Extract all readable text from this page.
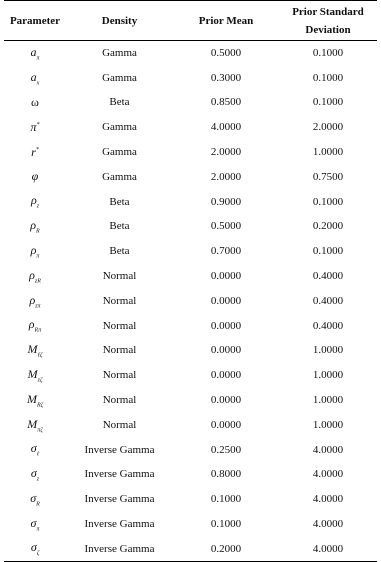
Parameter	Density	Prior Mean	Prior Standard
Deviation
$a_\pi$	Gamma	0.5000	0.1000
$a_x$	Gamma	0.3000	0.1000
ω	Beta	0.8500	0.1000
π*	Gamma	4.0000	2.0000
r*	Gamma	2.0000	1.0000
φ	Gamma	2.0000	0.7500
$\rho_z$	Beta	0.9000	0.1000
$\rho_R$	Beta	0.5000	0.2000
$\rho_\pi$	Beta	0.7000	0.1000
$\rho_{zR}$	Normal	0.0000	0.4000
$\rho_{z\pi}$	Normal	0.0000	0.4000
$\rho_{R\pi}$	Normal	0.0000	0.4000
$M_{\ell\zeta}$	Normal	0.0000	1.0000
$M_{z\zeta}$	Normal	0.0000	1.0000
$M_{R\zeta}$	Normal	0.0000	1.0000
$M_{\pi\zeta}$	Normal	0.0000	1.0000
$\sigma_\ell$	Inverse Gamma	0.2500	4.0000
$\sigma_z$	Inverse Gamma	0.8000	4.0000
$\sigma_R$	Inverse Gamma	0.1000	4.0000
$\sigma_\pi$	Inverse Gamma	0.1000	4.0000
$\sigma_\zeta$	Inverse Gamma	0.2000	4.0000
